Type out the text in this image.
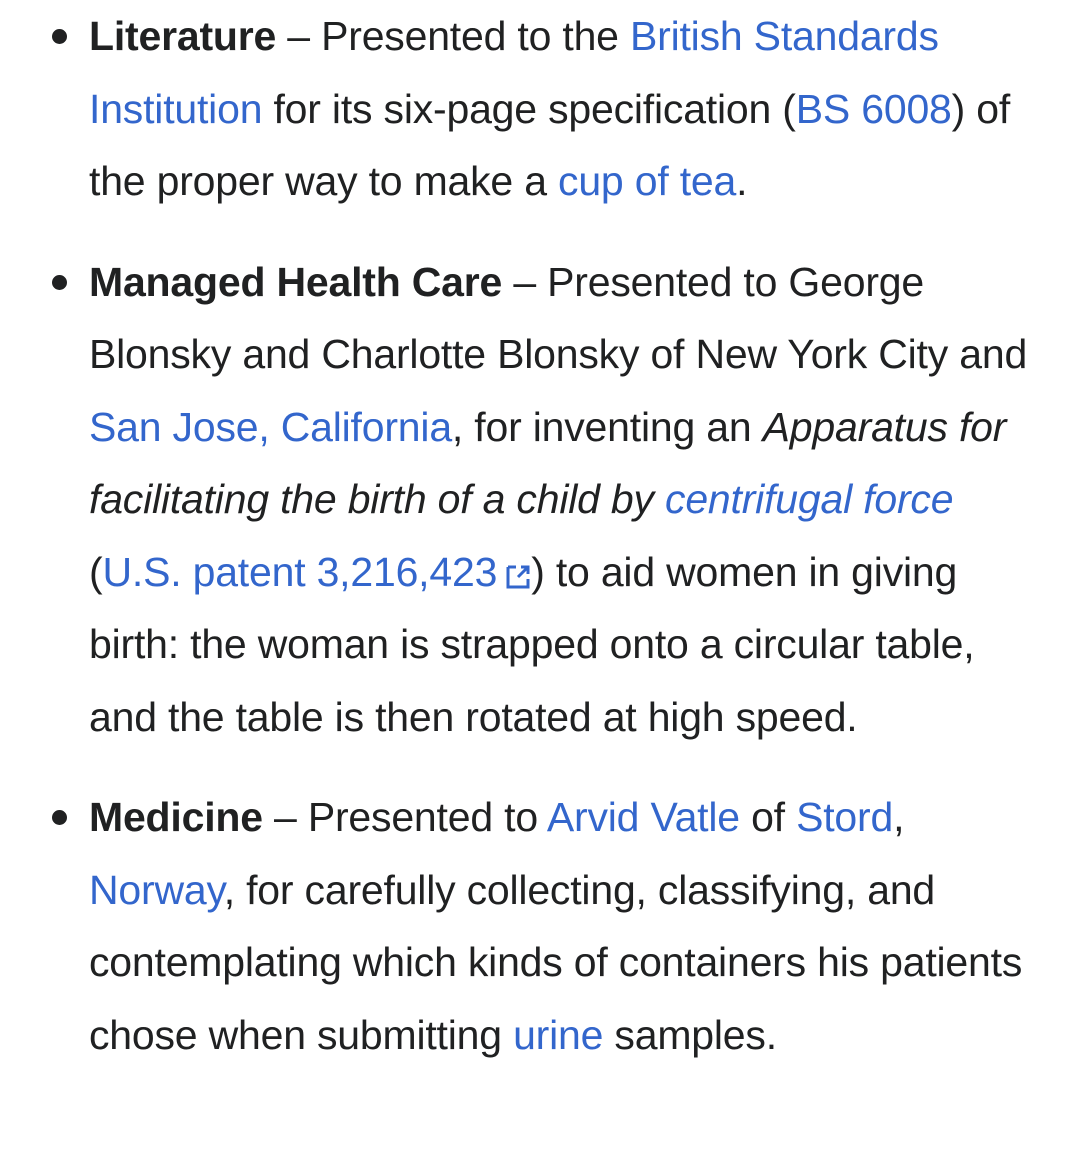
Literature – Presented to the British Standards Institution for its six-page specification (BS 6008) of the proper way to make a cup of tea.
Managed Health Care – Presented to George Blonsky and Charlotte Blonsky of New York City and San Jose, California, for inventing an Apparatus for facilitating the birth of a child by centrifugal force (U.S. patent 3,216,423 ) to aid women in giving birth: the woman is strapped onto a circular table, and the table is then rotated at high speed.
Medicine – Presented to Arvid Vatle of Stord, Norway, for carefully collecting, classifying, and contemplating which kinds of containers his patients chose when submitting urine samples.
